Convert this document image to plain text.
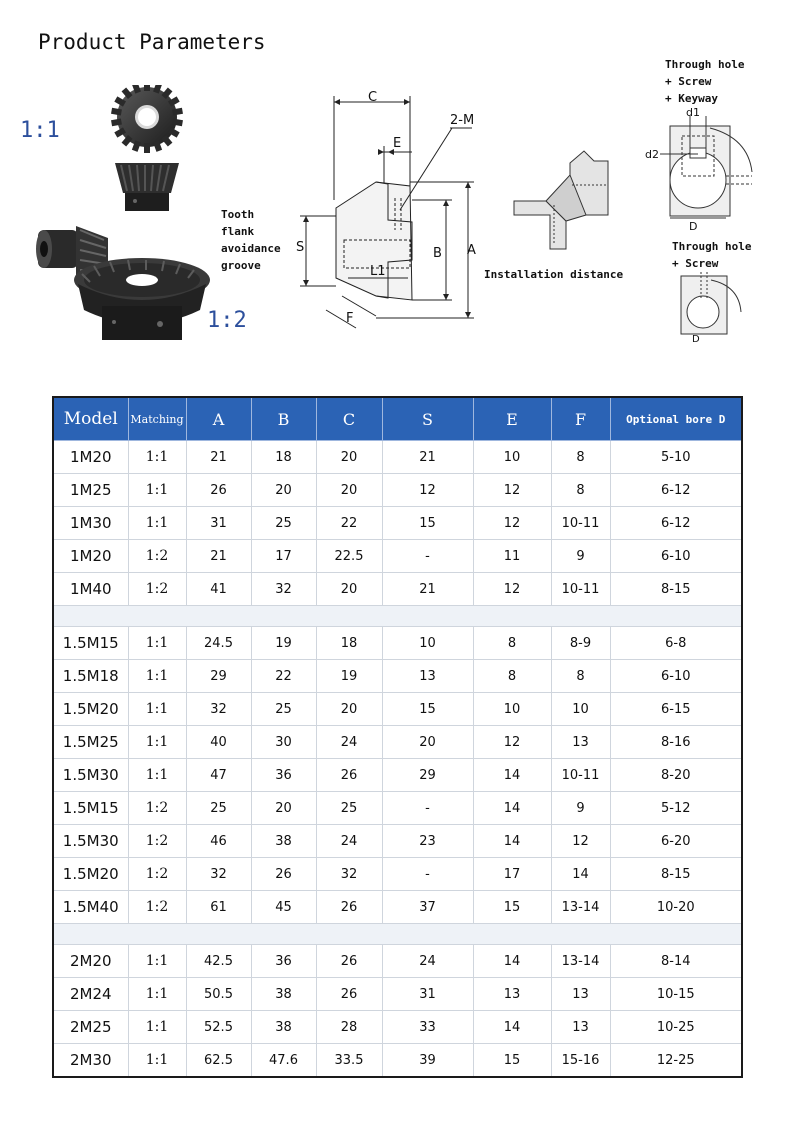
Product Parameters
1:1
1:2
C
E
2-M
S	B A
L1
F
Tooth
flank
avoidance
groove
Installation distance
Through hole
+ Screw
+ Keyway
d1
d2
D
Through hole
+ Screw
D
Model	Matching	A	B	C	S	E	F	Optional bore D
1M20	1:1	21	18	20	21	10	8	5-10
1M25	1:1	26	20	20	12	12	8	6-12
1M30	1:1	31	25	22	15	12	10-11	6-12
1M20	1:2	21	17	22.5	-	11	9	6-10
1M40	1:2	41	32	20	21	12	10-11	8-15

1.5M15	1:1	24.5	19	18	10	8	8-9	6-8
1.5M18	1:1	29	22	19	13	8	8	6-10
1.5M20	1:1	32	25	20	15	10	10	6-15
1.5M25	1:1	40	30	24	20	12	13	8-16
1.5M30	1:1	47	36	26	29	14	10-11	8-20
1.5M15	1:2	25	20	25	-	14	9	5-12
1.5M30	1:2	46	38	24	23	14	12	6-20
1.5M20	1:2	32	26	32	-	17	14	8-15
1.5M40	1:2	61	45	26	37	15	13-14	10-20

2M20	1:1	42.5	36	26	24	14	13-14	8-14
2M24	1:1	50.5	38	26	31	13	13	10-15
2M25	1:1	52.5	38	28	33	14	13	10-25
2M30	1:1	62.5	47.6	33.5	39	15	15-16	12-25
